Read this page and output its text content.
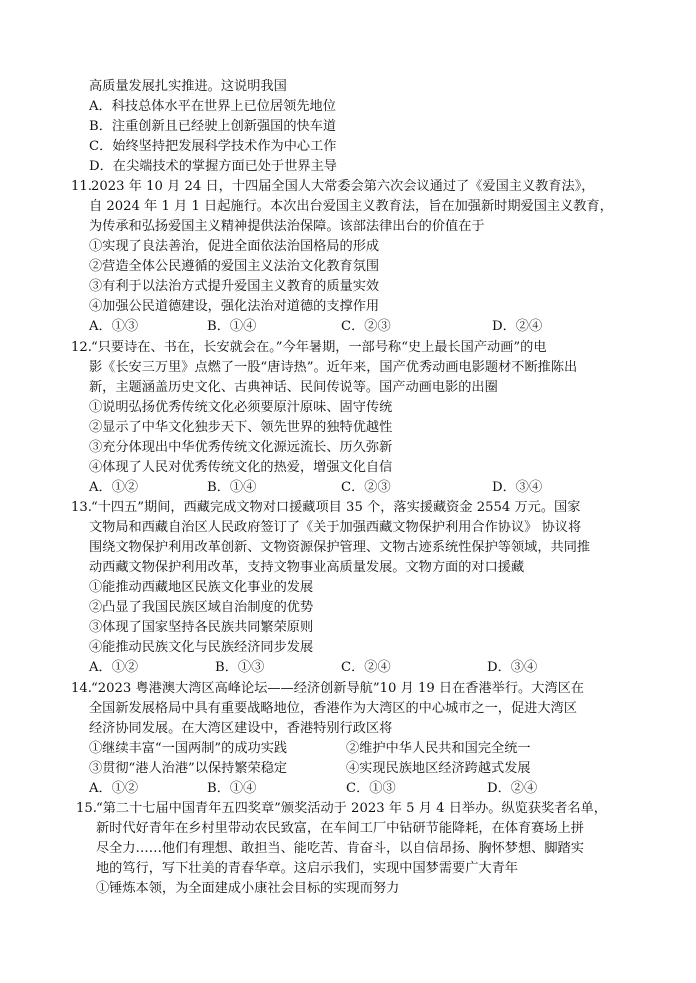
高质量发展扎实推进。这说明我国
A．科技总体水平在世界上已位居领先地位
B．注重创新且已经驶上创新强国的快车道
C．始终坚持把发展科学技术作为中心工作
D．在尖端技术的掌握方面已处于世界主导
11.2023 年 10 月 24 日，十四届全国人大常委会第六次会议通过了《爱国主义教育法》，
自 2024 年 1 月 1 日起施行。本次出台爱国主义教育法，旨在加强新时期爱国主义教育，
为传承和弘扬爱国主义精神提供法治保障。该部法律出台的价值在于
①实现了良法善治，促进全面依法治国格局的形成
②营造全体公民遵循的爱国主义法治文化教育氛围
③有利于以法治方式提升爱国主义教育的质量实效
④加强公民道德建设，强化法治对道德的支撑作用
A．①③	B．①④	C．②③	D．②④
12.“只要诗在、书在，长安就会在。”今年暑期，一部号称“史上最长国产动画”的电
影《长安三万里》点燃了一股“唐诗热”。近年来，国产优秀动画电影题材不断推陈出
新，主题涵盖历史文化、古典神话、民间传说等。国产动画电影的出圈
①说明弘扬优秀传统文化必须要原汁原味、固守传统
②显示了中华文化独步天下、领先世界的独特优越性
③充分体现出中华优秀传统文化源远流长、历久弥新
④体现了人民对优秀传统文化的热爱，增强文化自信
A．①②	B．①④	C．②③	D．③④
13.“十四五”期间，西藏完成文物对口援藏项目 35 个，落实援藏资金 2554 万元。国家
文物局和西藏自治区人民政府签订了《关于加强西藏文物保护利用合作协议》 协议将
围绕文物保护利用改革创新、文物资源保护管理、文物古迹系统性保护等领域，共同推
动西藏文物保护利用改革，支持文物事业高质量发展。文物方面的对口援藏
①能推动西藏地区民族文化事业的发展
②凸显了我国民族区域自治制度的优势
③体现了国家坚持各民族共同繁荣原则
④能推动民族文化与民族经济同步发展
A．①②	B．①③	C．②④	D．③④
14.“2023 粤港澳大湾区高峰论坛——经济创新导航”10 月 19 日在香港举行。大湾区在
全国新发展格局中具有重要战略地位，香港作为大湾区的中心城市之一，促进大湾区
经济协同发展。在大湾区建设中，香港特别行政区将
①继续丰富“一国两制”的成功实践	②维护中华人民共和国完全统一
③贯彻“港人治港”以保持繁荣稳定	④实现民族地区经济跨越式发展
A．①②	B．①④	C．①③	D．②④
15.“第二十七届中国青年五四奖章”颁奖活动于 2023 年 5 月 4 日举办。纵览获奖者名单，
新时代好青年在乡村里带动农民致富，在车间工厂中钻研节能降耗，在体育赛场上拼
尽全力……他们有理想、敢担当、能吃苦、肯奋斗，以自信昂扬、胸怀梦想、脚踏实
地的笃行，写下壮美的青春华章。这启示我们，实现中国梦需要广大青年
①锤炼本领，为全面建成小康社会目标的实现而努力
